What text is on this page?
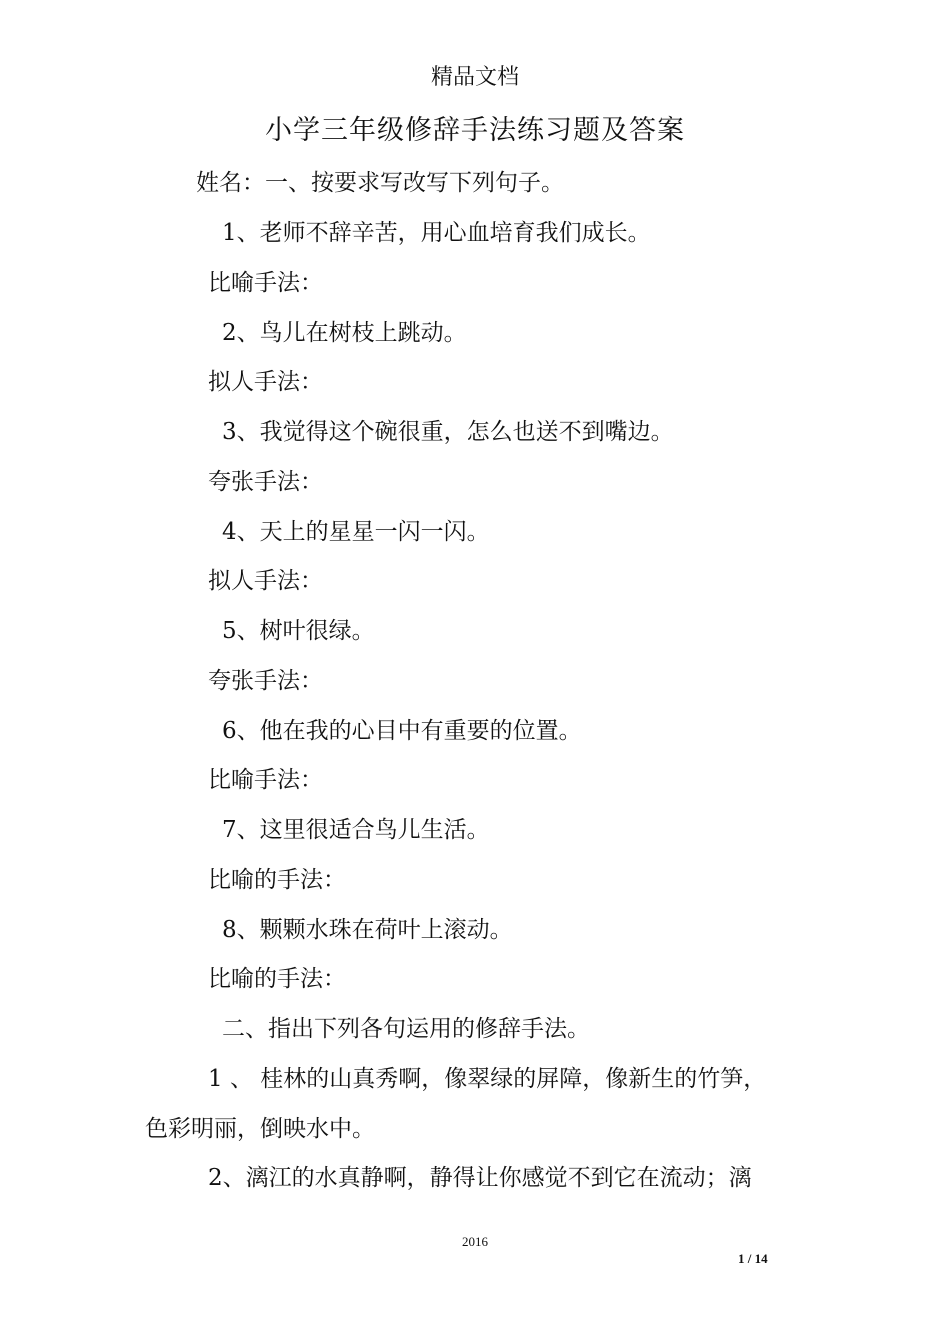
精品文档
小学三年级修辞手法练习题及答案
姓名：一、按要求写改写下列句子。
1、老师不辞辛苦，用心血培育我们成长。
比喻手法：
2、鸟儿在树枝上跳动。
拟人手法：
3、我觉得这个碗很重，怎么也送不到嘴边。
夸张手法：
4、天上的星星一闪一闪。
拟人手法：
5、树叶很绿。
夸张手法：
6、他在我的心目中有重要的位置。
比喻手法：
7、这里很适合鸟儿生活。
比喻的手法：
8、颗颗水珠在荷叶上滚动。
比喻的手法：
二、指出下列各句运用的修辞手法。
1 、 桂林的山真秀啊，像翠绿的屏障，像新生的竹笋，
色彩明丽，倒映水中。
2、漓江的水真静啊，静得让你感觉不到它在流动；漓
2016
1 / 14
